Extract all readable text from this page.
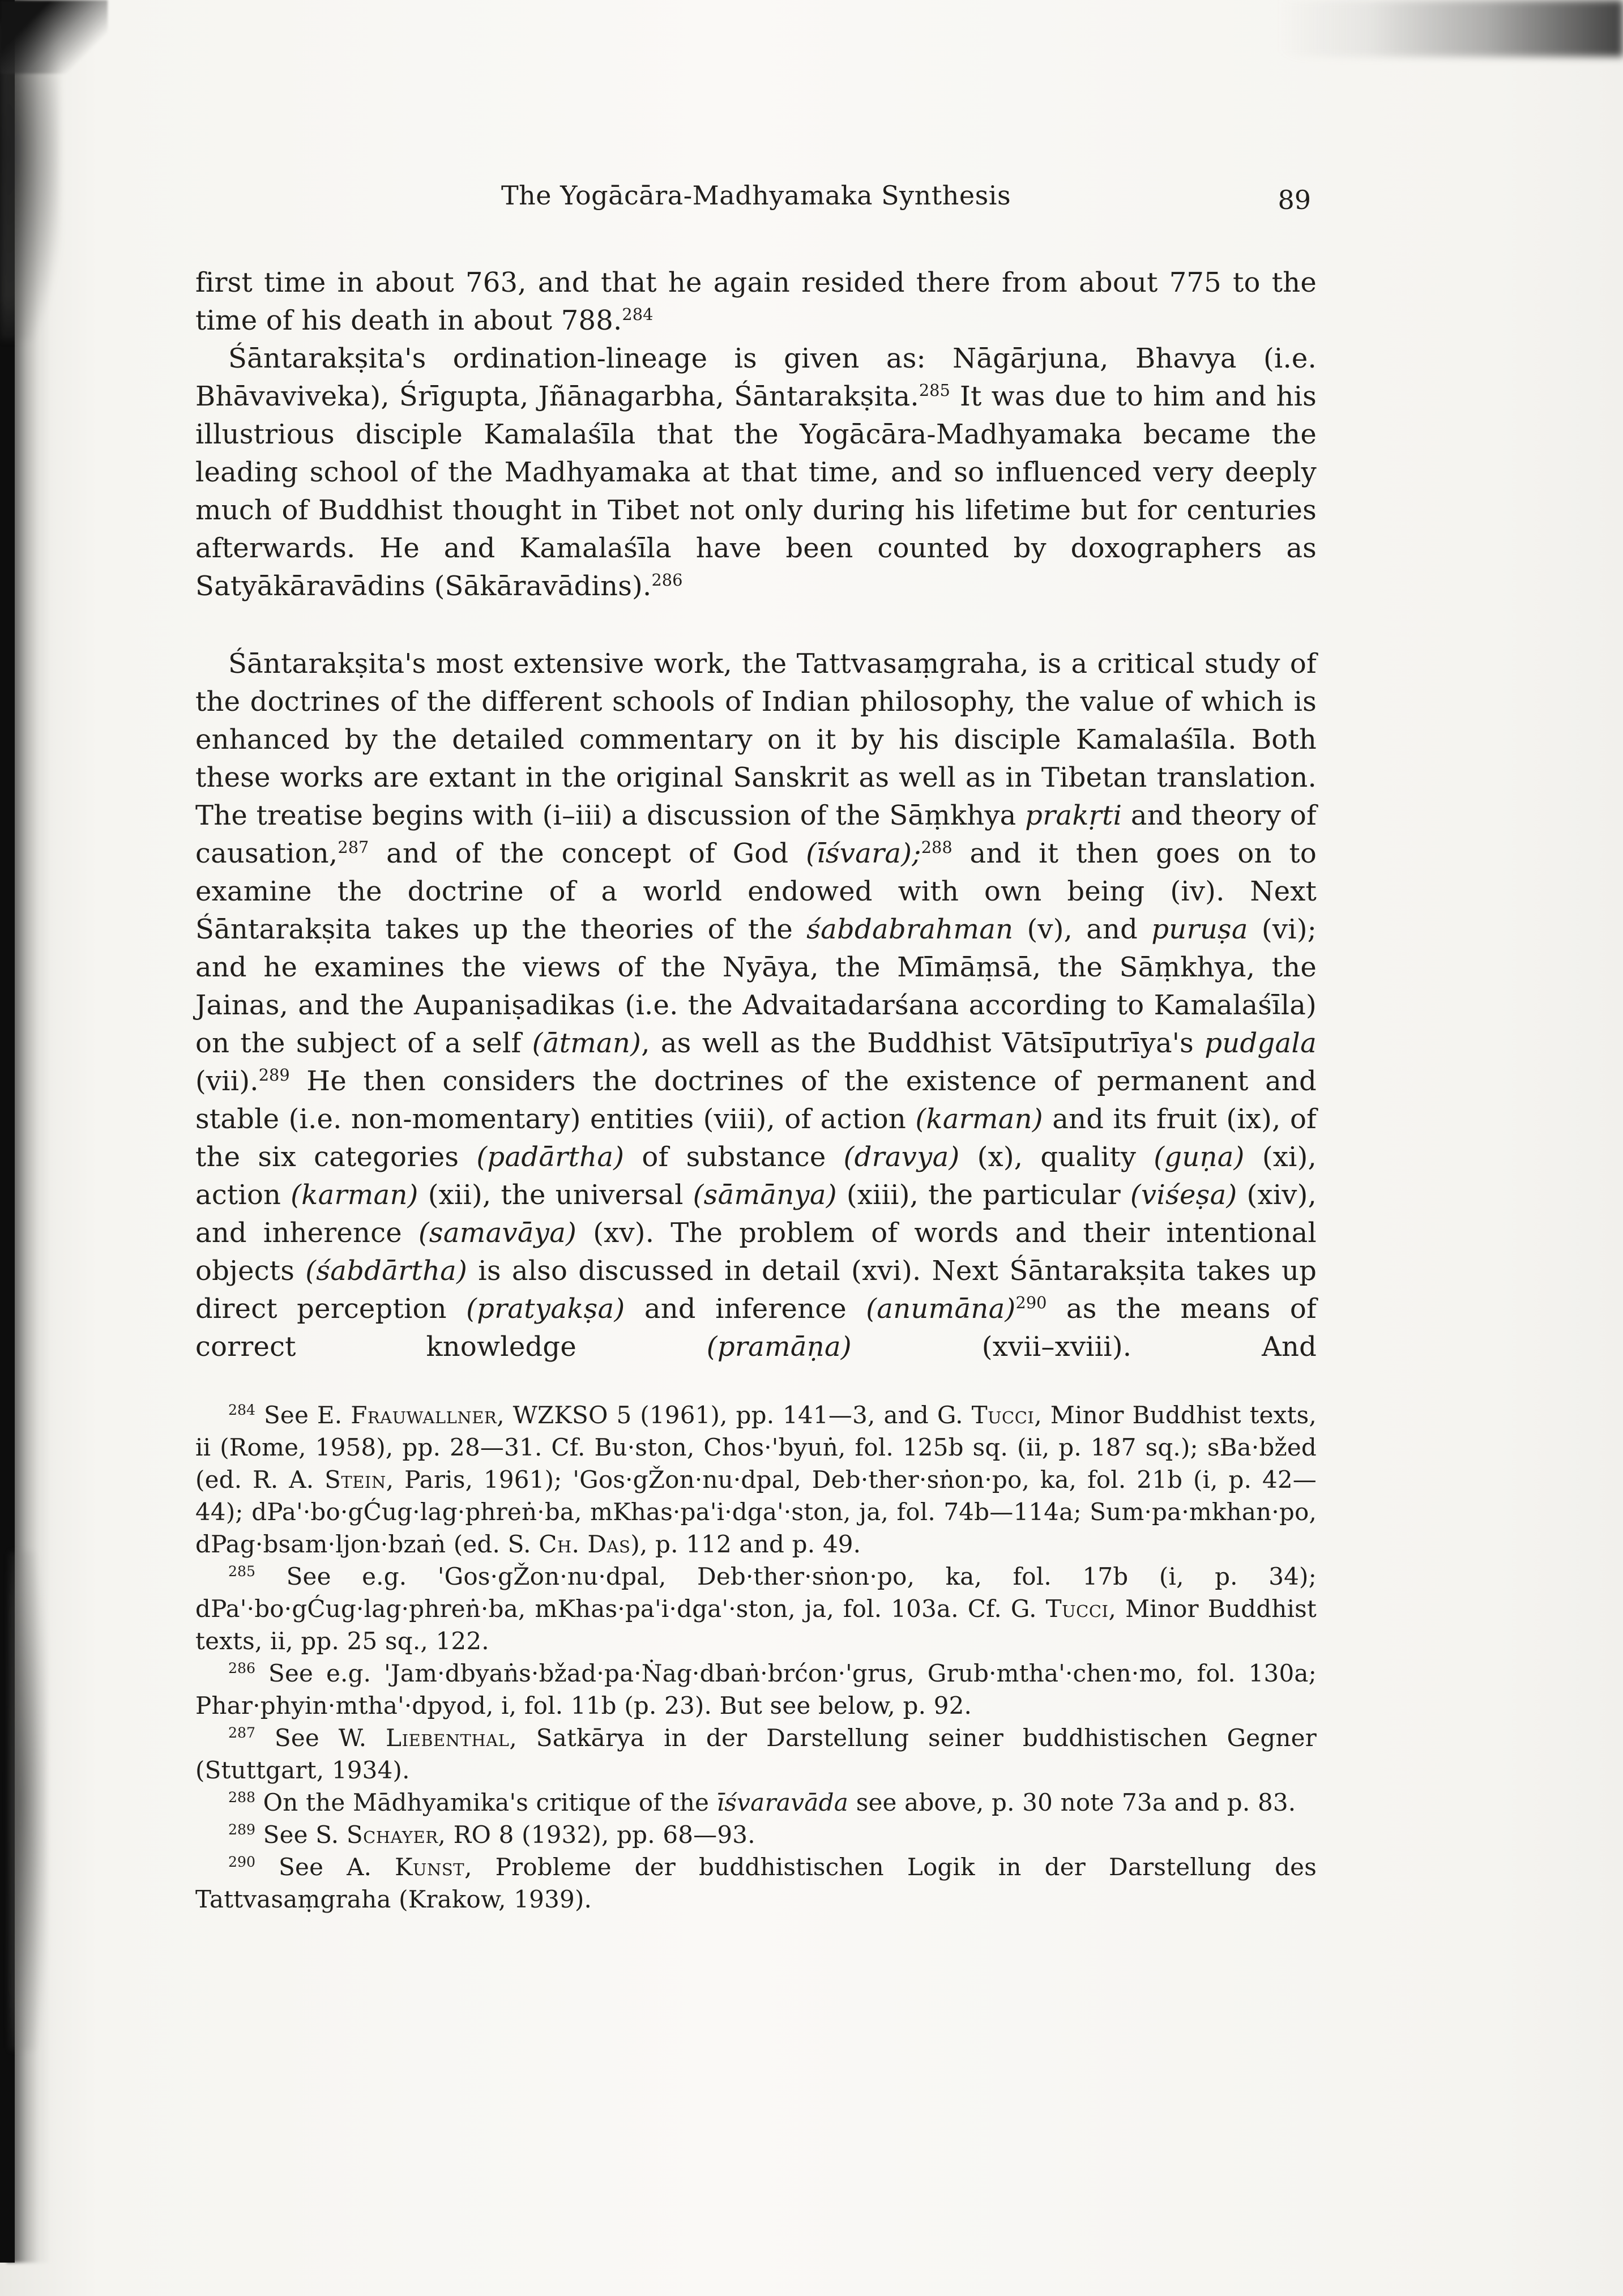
The Yogācāra-Madhyamaka Synthesis	89

first time in about 763, and that he again resided there from about 775 to the time of his death in about 788.$^{284}$

Śāntarakṣita's ordination-lineage is given as: Nāgārjuna, Bhavya (i.e. Bhāvaviveka), Śrīgupta, Jñānagarbha, Śāntarakṣita.$^{285}$ It was due to him and his illustrious disciple Kamalaśīla that the Yogācāra-Madhyamaka became the leading school of the Madhyamaka at that time, and so influenced very deeply much of Buddhist thought in Tibet not only during his lifetime but for centuries afterwards. He and Kamalaśīla have been counted by doxographers as Satyākāravādins (Sākāravādins).$^{286}$

Śāntarakṣita's most extensive work, the Tattvasaṃgraha, is a critical study of the doctrines of the different schools of Indian philosophy, the value of which is enhanced by the detailed commentary on it by his disciple Kamalaśīla. Both these works are extant in the original Sanskrit as well as in Tibetan translation. The treatise begins with (i–iii) a discussion of the Sāṃkhya prakṛti and theory of causation,$^{287}$ and of the concept of God (īśvara);$^{288}$ and it then goes on to examine the doctrine of a world endowed with own being (iv). Next Śāntarakṣita takes up the theories of the śabdabrahman (v), and puruṣa (vi); and he examines the views of the Nyāya, the Mīmāṃsā, the Sāṃkhya, the Jainas, and the Aupaniṣadikas (i.e. the Advaitadarśana according to Kamalaśīla) on the subject of a self (ātman), as well as the Buddhist Vātsīputrīya's pudgala (vii).$^{289}$ He then considers the doctrines of the existence of permanent and stable (i.e. non-momentary) entities (viii), of action (karman) and its fruit (ix), of the six categories (padārtha) of substance (dravya) (x), quality (guṇa) (xi), action (karman) (xii), the universal (sāmānya) (xiii), the particular (viśeṣa) (xiv), and inherence (samavāya) (xv). The problem of words and their intentional objects (śabdārtha) is also discussed in detail (xvi). Next Śāntarakṣita takes up direct perception (pratyakṣa) and inference (anumāna)$^{290}$ as the means of correct knowledge (pramāṇa) (xvii–xviii). And

$^{284}$ See E. Frauwallner, WZKSO 5 (1961), pp. 141—3, and G. Tucci, Minor Buddhist texts, ii (Rome, 1958), pp. 28—31. Cf. Bu·ston, Chos·'byuṅ, fol. 125b sq. (ii, p. 187 sq.); sBa·bžed (ed. R. A. Stein, Paris, 1961); 'Gos·gŽon·nu·dpal, Deb·ther·sṅon·po, ka, fol. 21b (i, p. 42—44); dPa'·bo·gĆug·lag·phreṅ·ba, mKhas·pa'i·dga'·ston, ja, fol. 74b—114a; Sum·pa·mkhan·po, dPag·bsam·ljon·bzaṅ (ed. S. Ch. Das), p. 112 and p. 49.

$^{285}$ See e.g. 'Gos·gŽon·nu·dpal, Deb·ther·sṅon·po, ka, fol. 17b (i, p. 34); dPa'·bo·gĆug·lag·phreṅ·ba, mKhas·pa'i·dga'·ston, ja, fol. 103a. Cf. G. Tucci, Minor Buddhist texts, ii, pp. 25 sq., 122.

$^{286}$ See e.g. 'Jam·dbyaṅs·bžad·pa·Ṅag·dbaṅ·brćon·'grus, Grub·mtha'·chen·mo, fol. 130a; Phar·phyin·mtha'·dpyod, i, fol. 11b (p. 23). But see below, p. 92.

$^{287}$ See W. Liebenthal, Satkārya in der Darstellung seiner buddhistischen Gegner (Stuttgart, 1934).

$^{288}$ On the Mādhyamika's critique of the īśvaravāda see above, p. 30 note 73a and p. 83.

$^{289}$ See S. Schayer, RO 8 (1932), pp. 68—93.

$^{290}$ See A. Kunst, Probleme der buddhistischen Logik in der Darstellung des Tattvasaṃgraha (Krakow, 1939).
